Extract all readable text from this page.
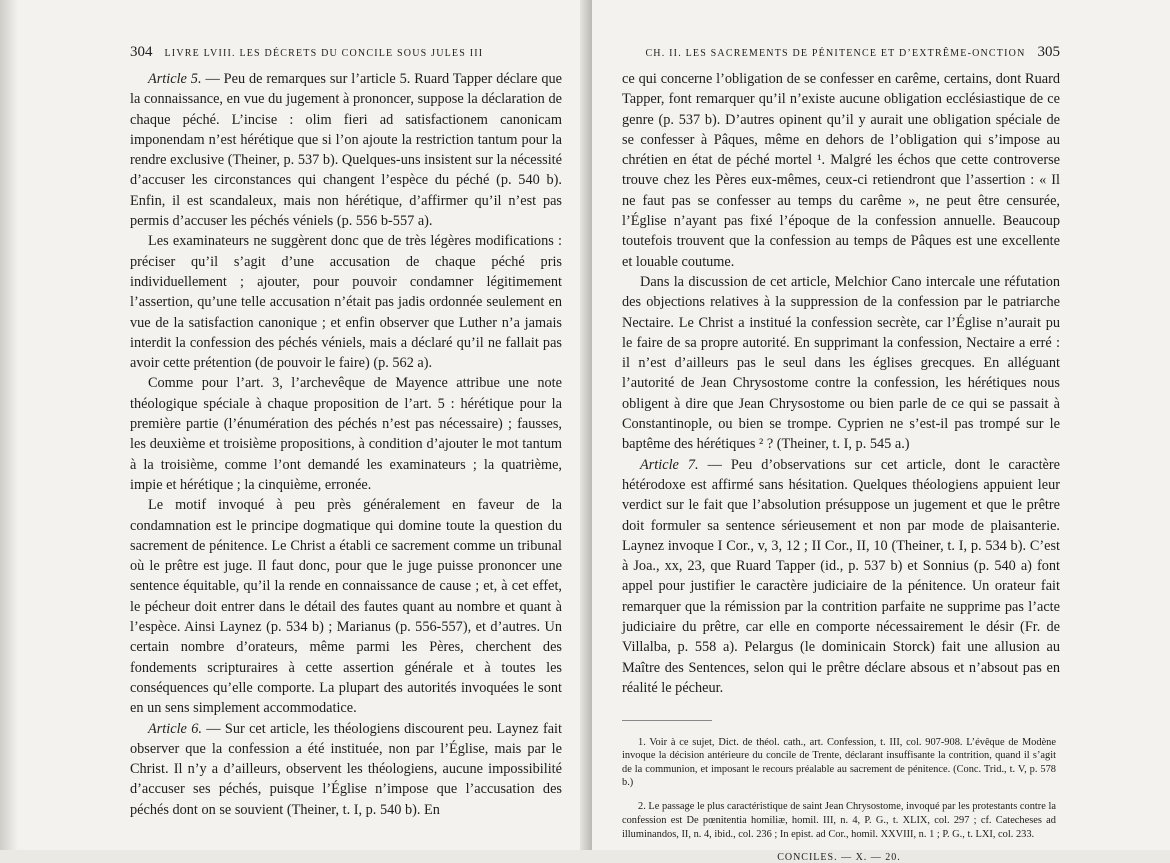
304 LIVRE LVIII. LES DÉCRETS DU CONCILE SOUS JULES III

Article 5. — Peu de remarques sur l’article 5. Ruard Tapper déclare que la connaissance, en vue du jugement à prononcer, suppose la déclaration de chaque péché. L’incise : olim fieri ad satisfactionem canonicam imponendam n’est hérétique que si l’on ajoute la restriction tantum pour la rendre exclusive (Theiner, p. 537 b). Quelques-uns insistent sur la nécessité d’accuser les circonstances qui changent l’espèce du péché (p. 540 b). Enfin, il est scandaleux, mais non hérétique, d’affirmer qu’il n’est pas permis d’accuser les péchés véniels (p. 556 b-557 a).

Les examinateurs ne suggèrent donc que de très légères modifications : préciser qu’il s’agit d’une accusation de chaque péché pris individuellement ; ajouter, pour pouvoir condamner légitimement l’assertion, qu’une telle accusation n’était pas jadis ordonnée seulement en vue de la satisfaction canonique ; et enfin observer que Luther n’a jamais interdit la confession des péchés véniels, mais a déclaré qu’il ne fallait pas avoir cette prétention (de pouvoir le faire) (p. 562 a).

Comme pour l’art. 3, l’archevêque de Mayence attribue une note théologique spéciale à chaque proposition de l’art. 5 : hérétique pour la première partie (l’énumération des péchés n’est pas nécessaire) ; fausses, les deuxième et troisième propositions, à condition d’ajouter le mot tantum à la troisième, comme l’ont demandé les examinateurs ; la quatrième, impie et hérétique ; la cinquième, erronée.

Le motif invoqué à peu près généralement en faveur de la condamnation est le principe dogmatique qui domine toute la question du sacrement de pénitence. Le Christ a établi ce sacrement comme un tribunal où le prêtre est juge. Il faut donc, pour que le juge puisse prononcer une sentence équitable, qu’il la rende en connaissance de cause ; et, à cet effet, le pécheur doit entrer dans le détail des fautes quant au nombre et quant à l’espèce. Ainsi Laynez (p. 534 b) ; Marianus (p. 556-557), et d’autres. Un certain nombre d’orateurs, même parmi les Pères, cherchent des fondements scripturaires à cette assertion générale et à toutes les conséquences qu’elle comporte. La plupart des autorités invoquées le sont en un sens simplement accommodatice.

Article 6. — Sur cet article, les théologiens discourent peu. Laynez fait observer que la confession a été instituée, non par l’Église, mais par le Christ. Il n’y a d’ailleurs, observent les théologiens, aucune impossibilité d’accuser ses péchés, puisque l’Église n’impose que l’accusation des péchés dont on se souvient (Theiner, t. I, p. 540 b). En

CH. II. LES SACREMENTS DE PÉNITENCE ET D’EXTRÊME-ONCTION 305

ce qui concerne l’obligation de se confesser en carême, certains, dont Ruard Tapper, font remarquer qu’il n’existe aucune obligation ecclésiastique de ce genre (p. 537 b). D’autres opinent qu’il y aurait une obligation spéciale de se confesser à Pâques, même en dehors de l’obligation qui s’impose au chrétien en état de péché mortel ¹. Malgré les échos que cette controverse trouve chez les Pères eux-mêmes, ceux-ci retiendront que l’assertion : « Il ne faut pas se confesser au temps du carême », ne peut être censurée, l’Église n’ayant pas fixé l’époque de la confession annuelle. Beaucoup toutefois trouvent que la confession au temps de Pâques est une excellente et louable coutume.

Dans la discussion de cet article, Melchior Cano intercale une réfutation des objections relatives à la suppression de la confession par le patriarche Nectaire. Le Christ a institué la confession secrète, car l’Église n’aurait pu le faire de sa propre autorité. En supprimant la confession, Nectaire a erré : il n’est d’ailleurs pas le seul dans les églises grecques. En alléguant l’autorité de Jean Chrysostome contre la confession, les hérétiques nous obligent à dire que Jean Chrysostome ou bien parle de ce qui se passait à Constantinople, ou bien se trompe. Cyprien ne s’est-il pas trompé sur le baptême des hérétiques ² ? (Theiner, t. I, p. 545 a.)

Article 7. — Peu d’observations sur cet article, dont le caractère hétérodoxe est affirmé sans hésitation. Quelques théologiens appuient leur verdict sur le fait que l’absolution présuppose un jugement et que le prêtre doit formuler sa sentence sérieusement et non par mode de plaisanterie. Laynez invoque I Cor., v, 3, 12 ; II Cor., II, 10 (Theiner, t. I, p. 534 b). C’est à Joa., xx, 23, que Ruard Tapper (id., p. 537 b) et Sonnius (p. 540 a) font appel pour justifier le caractère judiciaire de la pénitence. Un orateur fait remarquer que la rémission par la contrition parfaite ne supprime pas l’acte judiciaire du prêtre, car elle en comporte nécessairement le désir (Fr. de Villalba, p. 558 a). Pelargus (le dominicain Storck) fait une allusion au Maître des Sentences, selon qui le prêtre déclare absous et n’absout pas en réalité le pécheur.

1. Voir à ce sujet, Dict. de théol. cath., art. Confession, t. III, col. 907-908. L’évêque de Modène invoque la décision antérieure du concile de Trente, déclarant insuffisante la contrition, quand il s’agit de la communion, et imposant le recours préalable au sacrement de pénitence. (Conc. Trid., t. V, p. 578 b.)

2. Le passage le plus caractéristique de saint Jean Chrysostome, invoqué par les protestants contre la confession est De pœnitentia homiliæ, homil. III, n. 4, P. G., t. XLIX, col. 297 ; cf. Catecheses ad illuminandos, II, n. 4, ibid., col. 236 ; In epist. ad Cor., homil. XXVIII, n. 1 ; P. G., t. LXI, col. 233.

CONCILES. — X. — 20.
